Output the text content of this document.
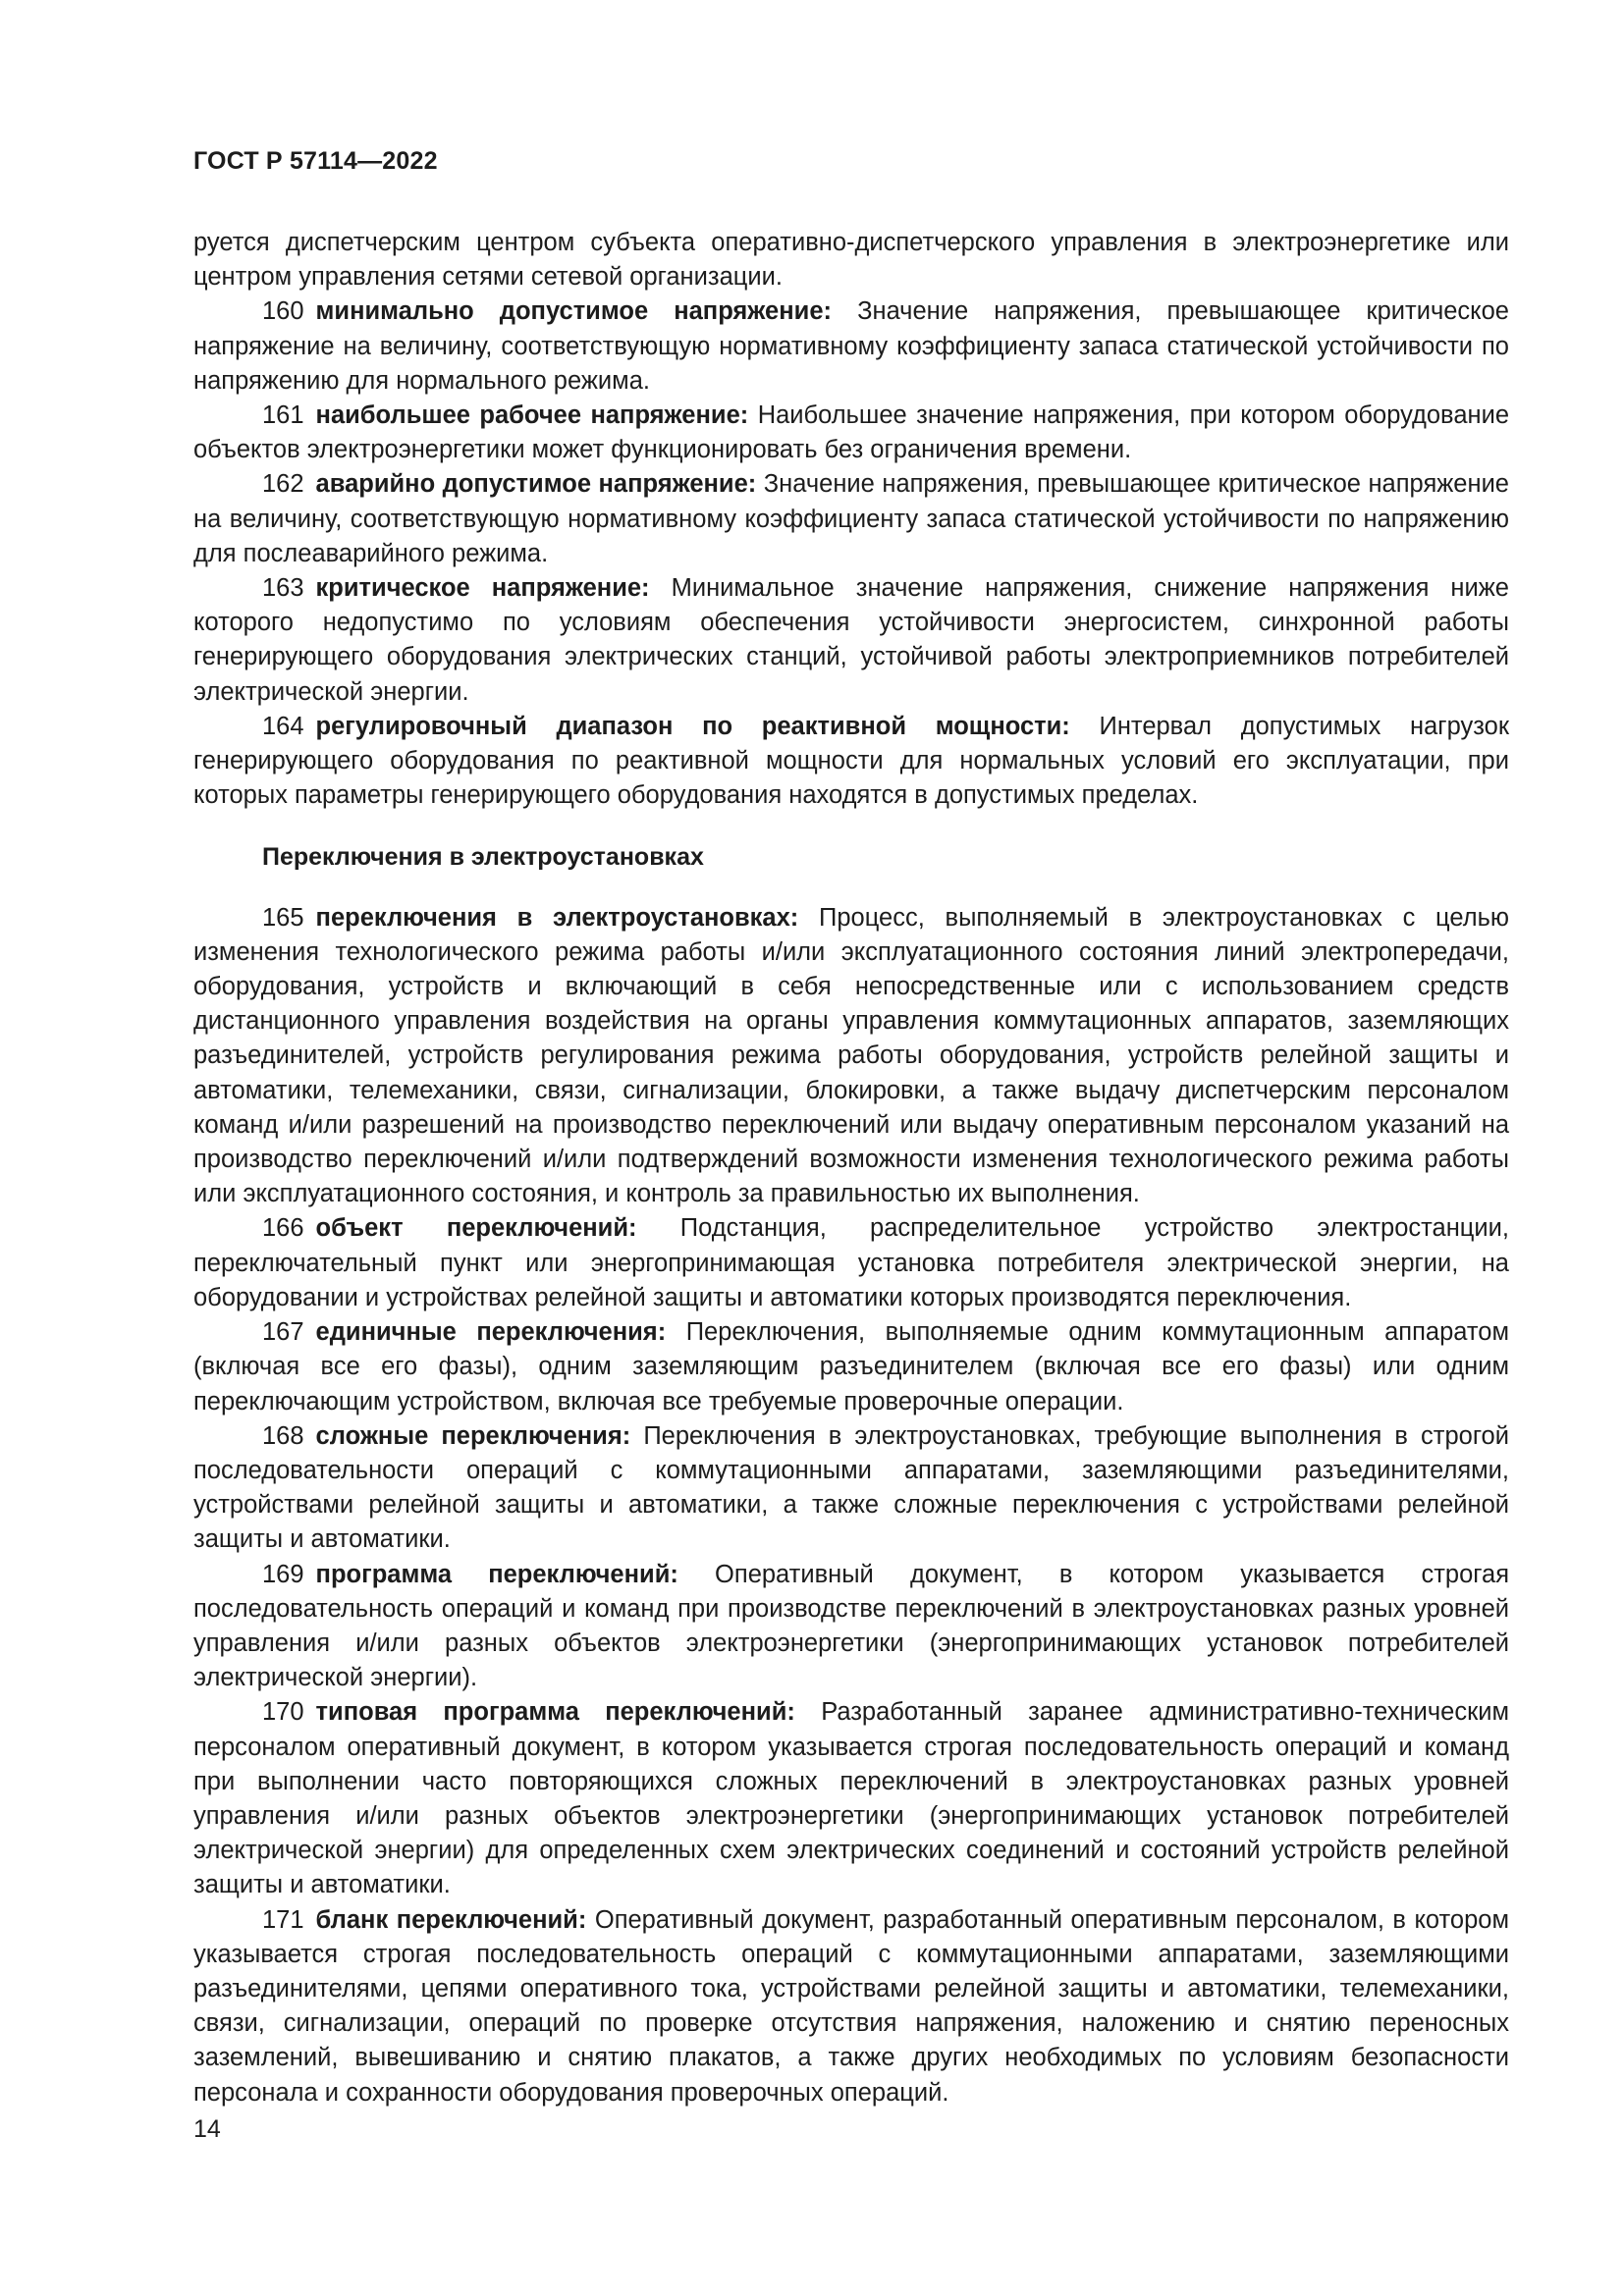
ГОСТ Р 57114—2022

руется диспетчерским центром субъекта оперативно-диспетчерского управления в электроэнергетике или центром управления сетями сетевой организации.

160 минимально допустимое напряжение: Значение напряжения, превышающее критическое напряжение на величину, соответствующую нормативному коэффициенту запаса статической устойчивости по напряжению для нормального режима.

161 наибольшее рабочее напряжение: Наибольшее значение напряжения, при котором оборудование объектов электроэнергетики может функционировать без ограничения времени.

162 аварийно допустимое напряжение: Значение напряжения, превышающее критическое напряжение на величину, соответствующую нормативному коэффициенту запаса статической устойчивости по напряжению для послеаварийного режима.

163 критическое напряжение: Минимальное значение напряжения, снижение напряжения ниже которого недопустимо по условиям обеспечения устойчивости энергосистем, синхронной работы генерирующего оборудования электрических станций, устойчивой работы электроприемников потребителей электрической энергии.

164 регулировочный диапазон по реактивной мощности: Интервал допустимых нагрузок генерирующего оборудования по реактивной мощности для нормальных условий его эксплуатации, при которых параметры генерирующего оборудования находятся в допустимых пределах.

Переключения в электроустановках

165 переключения в электроустановках: Процесс, выполняемый в электроустановках с целью изменения технологического режима работы и/или эксплуатационного состояния линий электропередачи, оборудования, устройств и включающий в себя непосредственные или с использованием средств дистанционного управления воздействия на органы управления коммутационных аппаратов, заземляющих разъединителей, устройств регулирования режима работы оборудования, устройств релейной защиты и автоматики, телемеханики, связи, сигнализации, блокировки, а также выдачу диспетчерским персоналом команд и/или разрешений на производство переключений или выдачу оперативным персоналом указаний на производство переключений и/или подтверждений возможности изменения технологического режима работы или эксплуатационного состояния, и контроль за правильностью их выполнения.

166 объект переключений: Подстанция, распределительное устройство электростанции, переключательный пункт или энергопринимающая установка потребителя электрической энергии, на оборудовании и устройствах релейной защиты и автоматики которых производятся переключения.

167 единичные переключения: Переключения, выполняемые одним коммутационным аппаратом (включая все его фазы), одним заземляющим разъединителем (включая все его фазы) или одним переключающим устройством, включая все требуемые проверочные операции.

168 сложные переключения: Переключения в электроустановках, требующие выполнения в строгой последовательности операций с коммутационными аппаратами, заземляющими разъединителями, устройствами релейной защиты и автоматики, а также сложные переключения с устройствами релейной защиты и автоматики.

169 программа переключений: Оперативный документ, в котором указывается строгая последовательность операций и команд при производстве переключений в электроустановках разных уровней управления и/или разных объектов электроэнергетики (энергопринимающих установок потребителей электрической энергии).

170 типовая программа переключений: Разработанный заранее административно-техническим персоналом оперативный документ, в котором указывается строгая последовательность операций и команд при выполнении часто повторяющихся сложных переключений в электроустановках разных уровней управления и/или разных объектов электроэнергетики (энергопринимающих установок потребителей электрической энергии) для определенных схем электрических соединений и состояний устройств релейной защиты и автоматики.

171 бланк переключений: Оперативный документ, разработанный оперативным персоналом, в котором указывается строгая последовательность операций с коммутационными аппаратами, заземляющими разъединителями, цепями оперативного тока, устройствами релейной защиты и автоматики, телемеханики, связи, сигнализации, операций по проверке отсутствия напряжения, наложению и снятию переносных заземлений, вывешиванию и снятию плакатов, а также других необходимых по условиям безопасности персонала и сохранности оборудования проверочных операций.

14
